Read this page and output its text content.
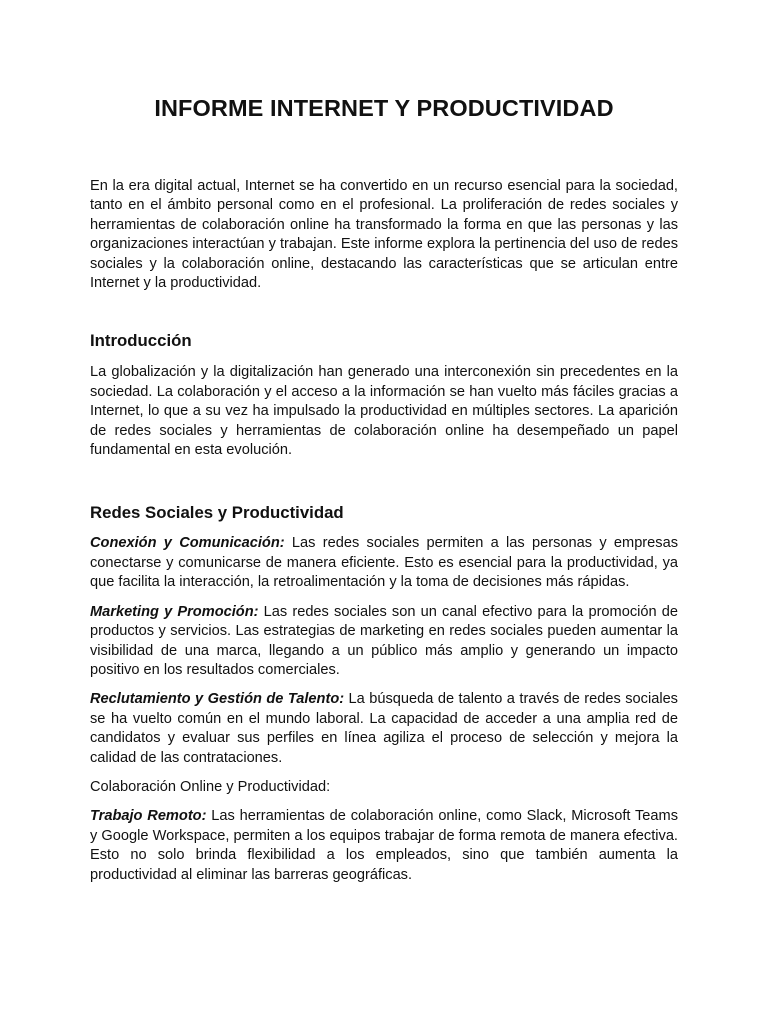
INFORME INTERNET Y PRODUCTIVIDAD

En la era digital actual, Internet se ha convertido en un recurso esencial para la sociedad, tanto en el ámbito personal como en el profesional. La proliferación de redes sociales y herramientas de colaboración online ha transformado la forma en que las personas y las organizaciones interactúan y trabajan. Este informe explora la pertinencia del uso de redes sociales y la colaboración online, destacando las características que se articulan entre Internet y la productividad.

Introducción

La globalización y la digitalización han generado una interconexión sin precedentes en la sociedad. La colaboración y el acceso a la información se han vuelto más fáciles gracias a Internet, lo que a su vez ha impulsado la productividad en múltiples sectores. La aparición de redes sociales y herramientas de colaboración online ha desempeñado un papel fundamental en esta evolución.

Redes Sociales y Productividad

Conexión y Comunicación: Las redes sociales permiten a las personas y empresas conectarse y comunicarse de manera eficiente. Esto es esencial para la productividad, ya que facilita la interacción, la retroalimentación y la toma de decisiones más rápidas.

Marketing y Promoción: Las redes sociales son un canal efectivo para la promoción de productos y servicios. Las estrategias de marketing en redes sociales pueden aumentar la visibilidad de una marca, llegando a un público más amplio y generando un impacto positivo en los resultados comerciales.

Reclutamiento y Gestión de Talento: La búsqueda de talento a través de redes sociales se ha vuelto común en el mundo laboral. La capacidad de acceder a una amplia red de candidatos y evaluar sus perfiles en línea agiliza el proceso de selección y mejora la calidad de las contrataciones.

Colaboración Online y Productividad:

Trabajo Remoto: Las herramientas de colaboración online, como Slack, Microsoft Teams y Google Workspace, permiten a los equipos trabajar de forma remota de manera efectiva. Esto no solo brinda flexibilidad a los empleados, sino que también aumenta la productividad al eliminar las barreras geográficas.
